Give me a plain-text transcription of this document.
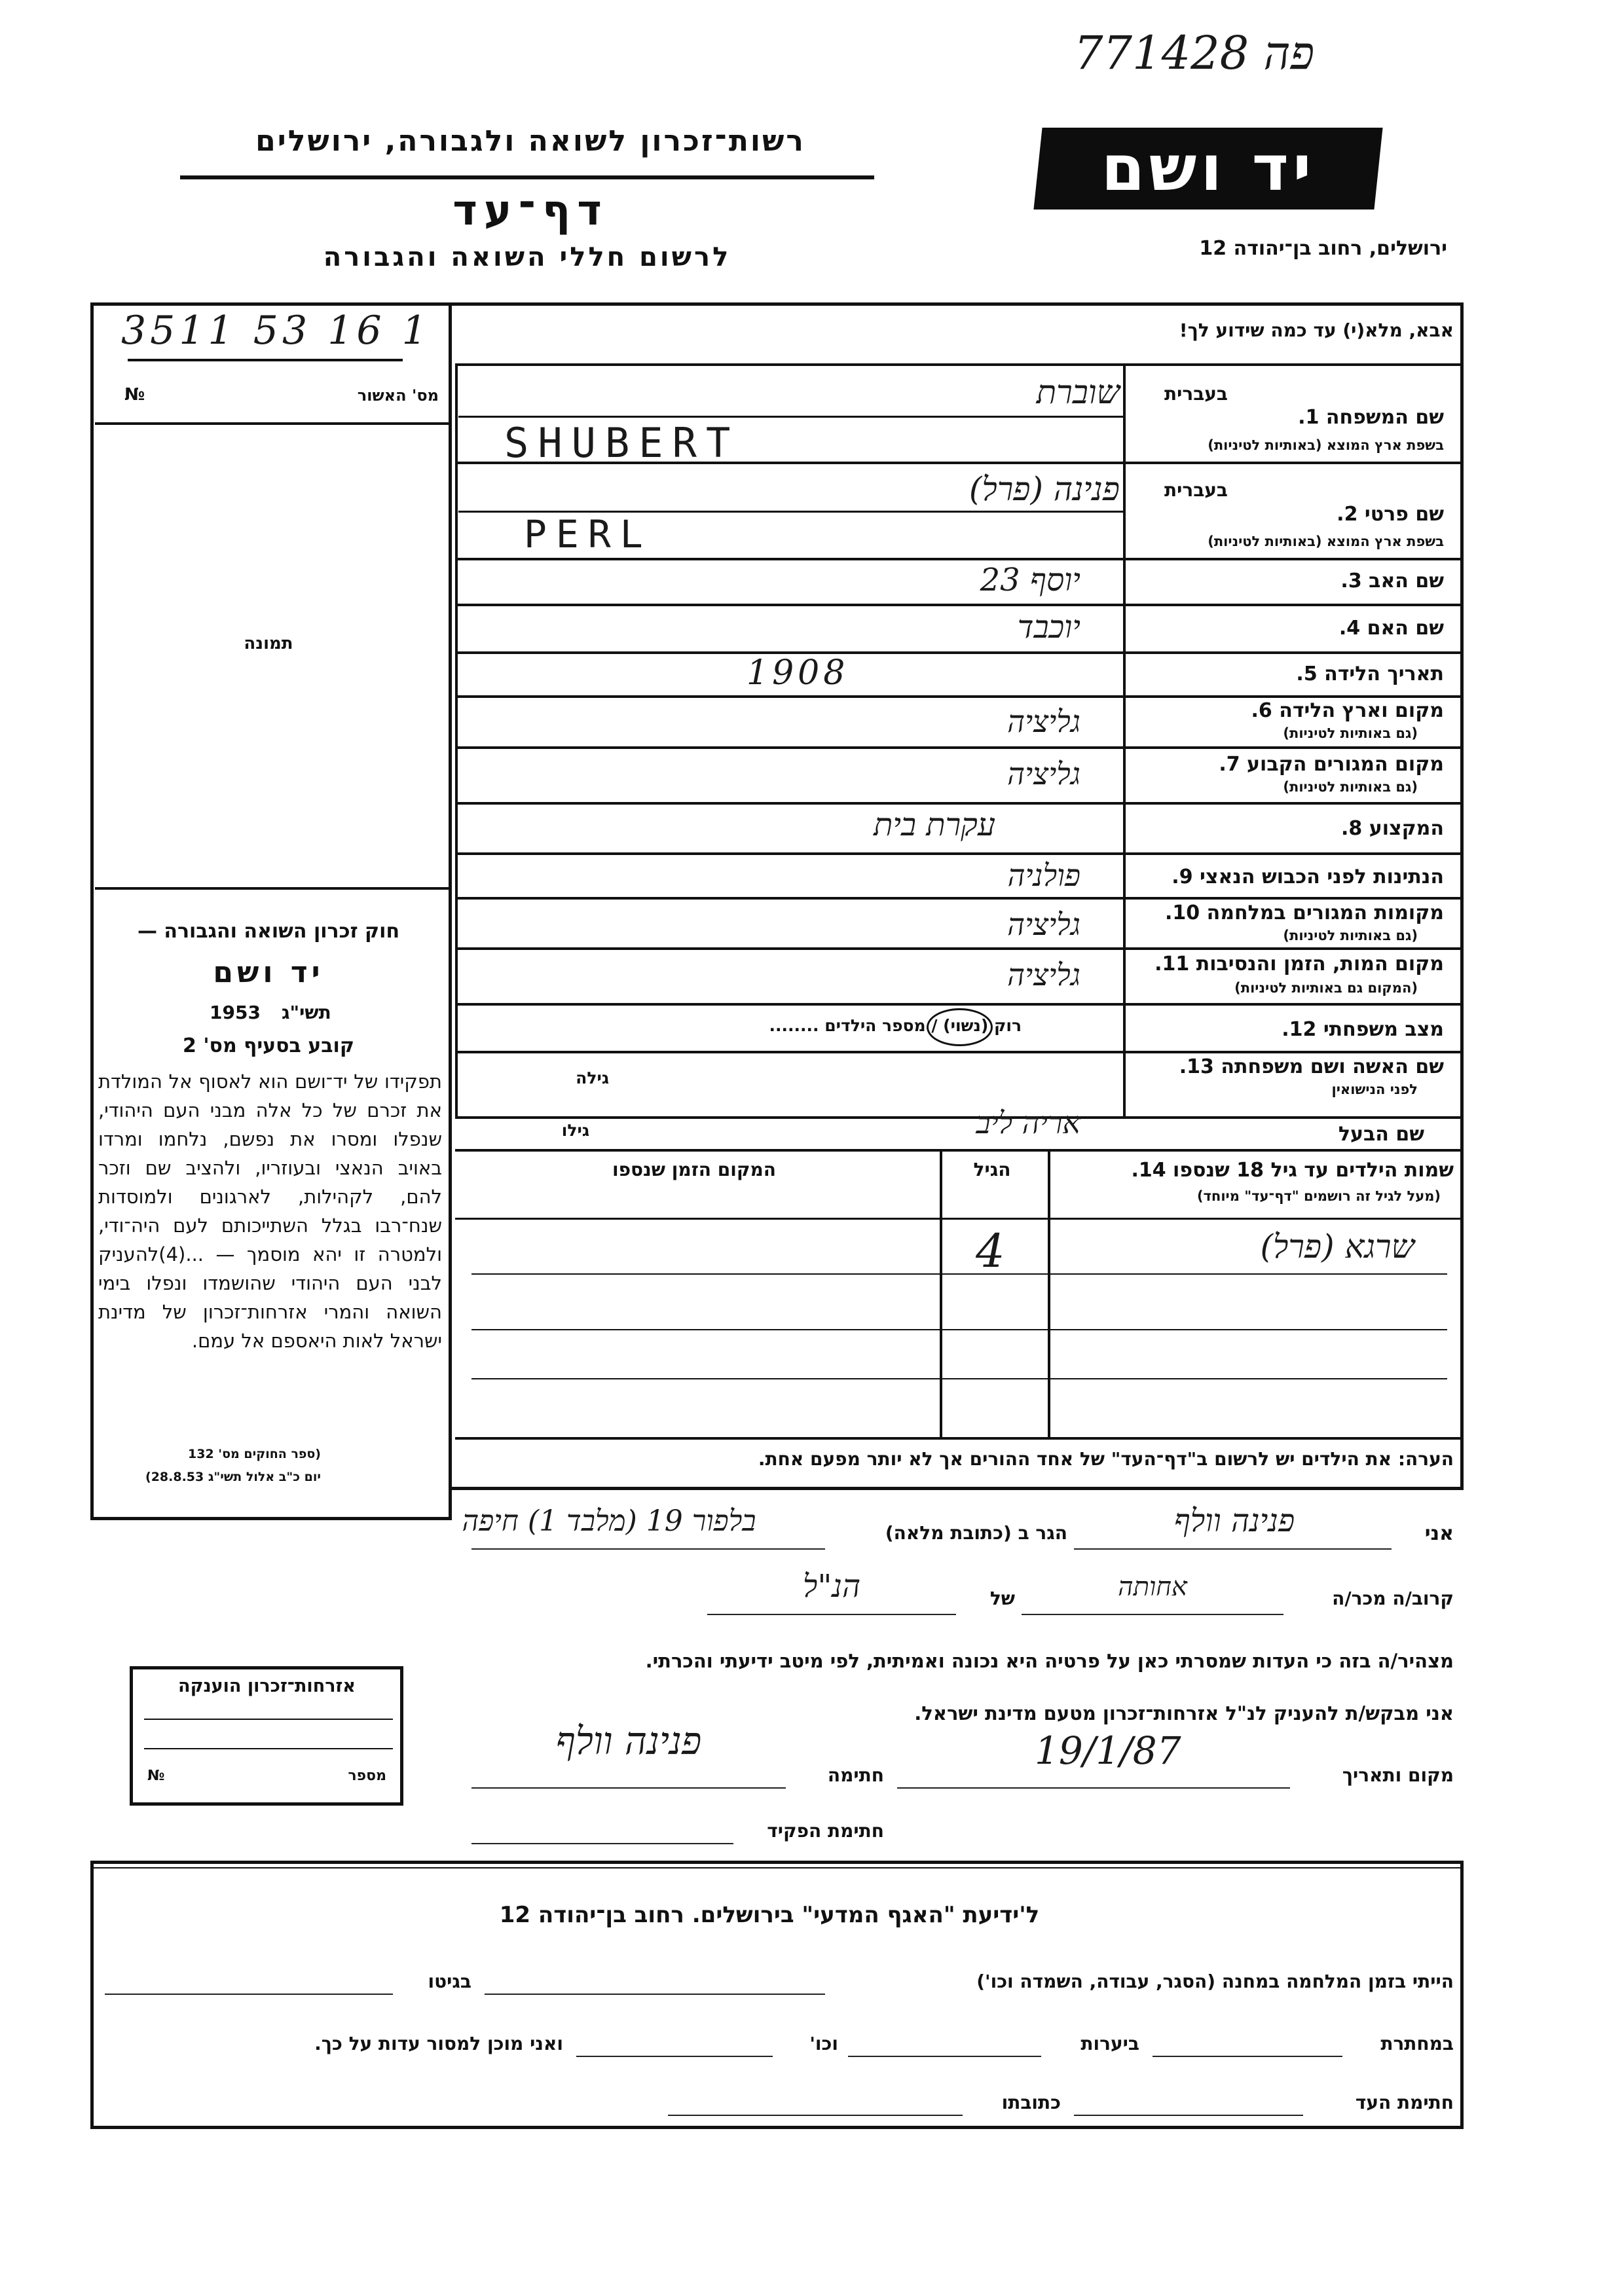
פה 771428
רשות־זכרון לשואה ולגבורה, ירושלים
דף־עד
לרשום חללי השואה והגבורה
יד ושם
ירושלים, רחוב בן־יהודה 12
3511 53 16 1
מס' האשור
№
תמונה
חוק זכרון השואה והגבורה —
יד ושם
1953 תשי"ג
קובע בסעיף מס' 2
תפקידו של יד־ושם הוא לאסוף אל המולדת את זכרם של כל אלה מבני העם היהודי, שנפלו ומסרו את נפשם, נלחמו ומרדו באויב הנאצי ובעוזריו, ולהציב שם וזכר להם, לקהילות, לארגונים ולמוסדות שנח־רבו בגלל השתייכותם לעם היה־ודי, ולמטרה זו יהא מוסמך — ...(4)להעניק לבני העם היהודי שהושמדו ונפלו בימי השואה והמרי אזרחות־זכרון של מדינת ישראל לאות היאספם אל עמם.
(ספר החוקים מס' 132
יום כ"ב אלול תשי"ג 28.8.53)
אבא, מלא(י) עד כמה שידוע לך!
בעברית
שם המשפחה 1.
בשפת ארץ המוצא (באותיות לטיניות)
שוברת
SHUBERT
בעברית
שם פרטי 2.
בשפת ארץ המוצא (באותיות לטיניות)
פנינה (פרל)
PERL
שם האב 3.
יוסף 23
שם האם 4.
יוכבד
תאריך הלידה 5.
1908
מקום וארץ הלידה 6.
(גם באותיות לטיניות)
גליציה
מקום המגורים הקבוע 7.
(גם באותיות לטיניות)
גליציה
המקצוע 8.
עקרת בית
הנתינות לפני הכבוש הנאצי 9.
פולניה
מקומות המגורים במלחמה 10.
(גם באותיות לטיניות)
גליציה
מקום המות, הזמן והנסיבות 11.
(המקום גם באותיות לטיניות)
גליציה
מצב משפחתי 12.
רוק (נשוי) / מספר הילדים ........
שם האשה ושם משפחתה 13.
לפני הנישואין
גילה
שם הבעל
אריה ליב
גילו
שמות הילדים עד גיל 18 שנספו 14.
(מעל לגיל זה רושמים "דף־עד" מיוחד)
הגיל
המקום הזמן שנספו
שרגא (פרל)
4
הערה: את הילדים יש לרשום ב"דף־העד" של אחד ההורים אך לא יותר מפעם אחת.
אני
פנינה וולף
הגר ב (כתובת מלאה)
בלפור 19 (מלבד 1) חיפה
קרוב/ה מכר/ה
אחותה
של
הנ"ל
מצהיר/ה בזה כי העדות שמסרתי כאן על פרטיה היא נכונה ואמיתית, לפי מיטב ידיעתי והכרתי.
אני מבקש/ת להעניק לנ"ל אזרחות־זכרון מטעם מדינת ישראל.
מקום ותאריך
19/1/87
חתימה
פנינה וולף
חתימת הפקיד
אזרחות־זכרון הוענקה
מספר
№
ל'ידיעת "האגף המדעי" בירושלים. רחוב בן־יהודה 12
הייתי בזמן המלחמה במחנה (הסגר, עבודה, השמדה וכו')
בגיטו
במחתרת
ביערות
וכו'
ואני מוכן למסור עדות על כך.
חתימת העד
כתובתו
